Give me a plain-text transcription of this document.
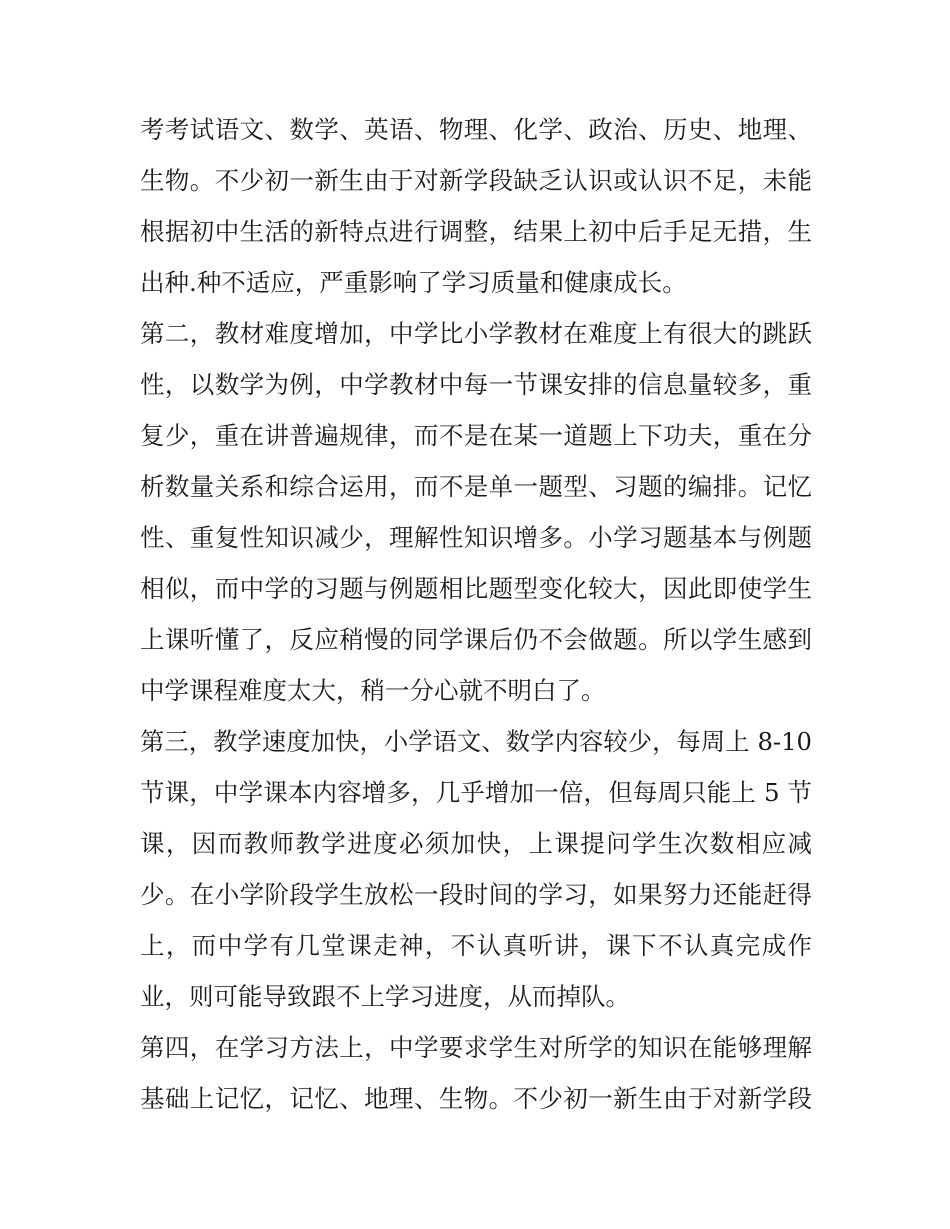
考考试语文、数学、英语、物理、化学、政治、历史、地理、
生物。不少初一新生由于对新学段缺乏认识或认识不足，未能
根据初中生活的新特点进行调整，结果上初中后手足无措，生
出种.种不适应，严重影响了学习质量和健康成长。
第二，教材难度增加，中学比小学教材在难度上有很大的跳跃
性，以数学为例，中学教材中每一节课安排的信息量较多，重
复少，重在讲普遍规律，而不是在某一道题上下功夫，重在分
析数量关系和综合运用，而不是单一题型、习题的编排。记忆
性、重复性知识减少，理解性知识增多。小学习题基本与例题
相似，而中学的习题与例题相比题型变化较大，因此即使学生
上课听懂了，反应稍慢的同学课后仍不会做题。所以学生感到
中学课程难度太大，稍一分心就不明白了。
第三，教学速度加快，小学语文、数学内容较少，每周上 8-10
节课，中学课本内容增多，几乎增加一倍，但每周只能上 5 节
课，因而教师教学进度必须加快，上课提问学生次数相应减
少。在小学阶段学生放松一段时间的学习，如果努力还能赶得
上，而中学有几堂课走神，不认真听讲，课下不认真完成作
业，则可能导致跟不上学习进度，从而掉队。
第四，在学习方法上，中学要求学生对所学的知识在能够理解
基础上记忆，记忆、地理、生物。不少初一新生由于对新学段
